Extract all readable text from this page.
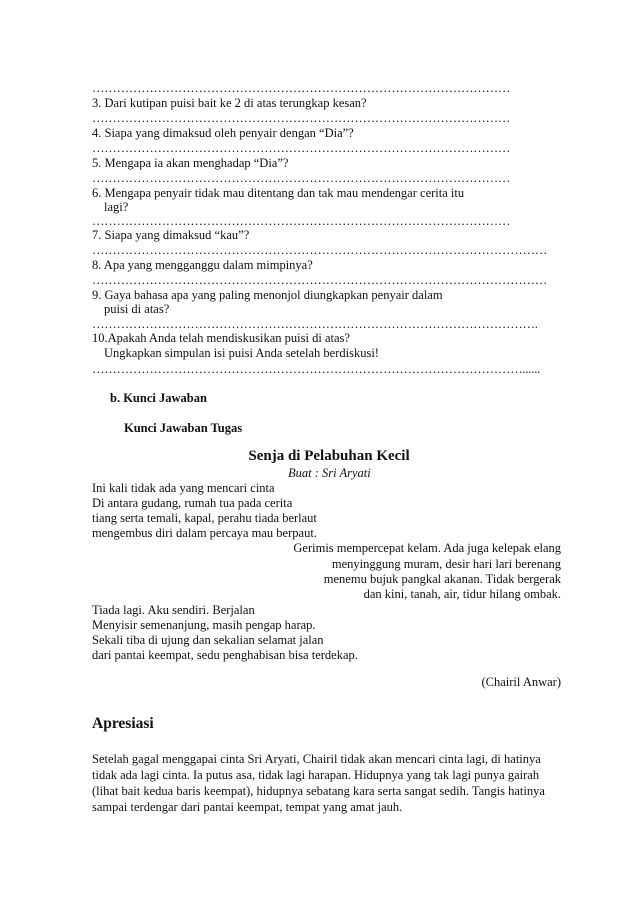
…………………………………………………………………………………………

3. Dari kutipan puisi bait ke 2 di atas terungkap kesan?

…………………………………………………………………………………………

4. Siapa yang dimaksud oleh penyair dengan “Dia”?

…………………………………………………………………………………………

5. Mengapa ia akan menghadap “Dia”?

…………………………………………………………………………………………

6. Mengapa penyair tidak mau ditentang dan tak mau mendengar cerita itu

lagi?

…………………………………………………………………………………………

7. Siapa yang dimaksud “kau”?

…………………………………………………………………………………………………

8. Apa yang mengganggu dalam mimpinya?

…………………………………………………………………………………………………

9. Gaya bahasa apa yang paling menonjol diungkapkan penyair dalam

puisi di atas?

……………………………………………………………………………………………….

10.Apakah Anda telah mendiskusikan puisi di atas?

Ungkapkan simpulan isi puisi Anda setelah berdiskusi!

……………………………………………………………………………………………......

b. Kunci Jawaban

Kunci Jawaban Tugas

Senja di Pelabuhan Kecil

Buat : Sri Aryati

Ini kali tidak ada yang mencari cinta

Di antara gudang, rumah tua pada cerita

tiang serta temali, kapal, perahu tiada berlaut

mengembus diri dalam percaya mau berpaut.

Gerimis mempercepat kelam. Ada juga kelepak elang

menyinggung muram, desir hari lari berenang

menemu bujuk pangkal akanan. Tidak bergerak

dan kini, tanah, air, tidur hilang ombak.

Tiada lagi. Aku sendiri. Berjalan

Menyisir semenanjung, masih pengap harap.

Sekali tiba di ujung dan sekalian selamat jalan

dari pantai keempat, sedu penghabisan bisa terdekap.

(Chairil Anwar)

Apresiasi

Setelah gagal menggapai cinta Sri Aryati, Chairil tidak akan mencari cinta lagi, di hatinya

tidak ada lagi cinta. Ia putus asa, tidak lagi harapan. Hidupnya yang tak lagi punya gairah

(lihat bait kedua baris keempat), hidupnya sebatang kara serta sangat sedih. Tangis hatinya

sampai terdengar dari pantai keempat, tempat yang amat jauh.
